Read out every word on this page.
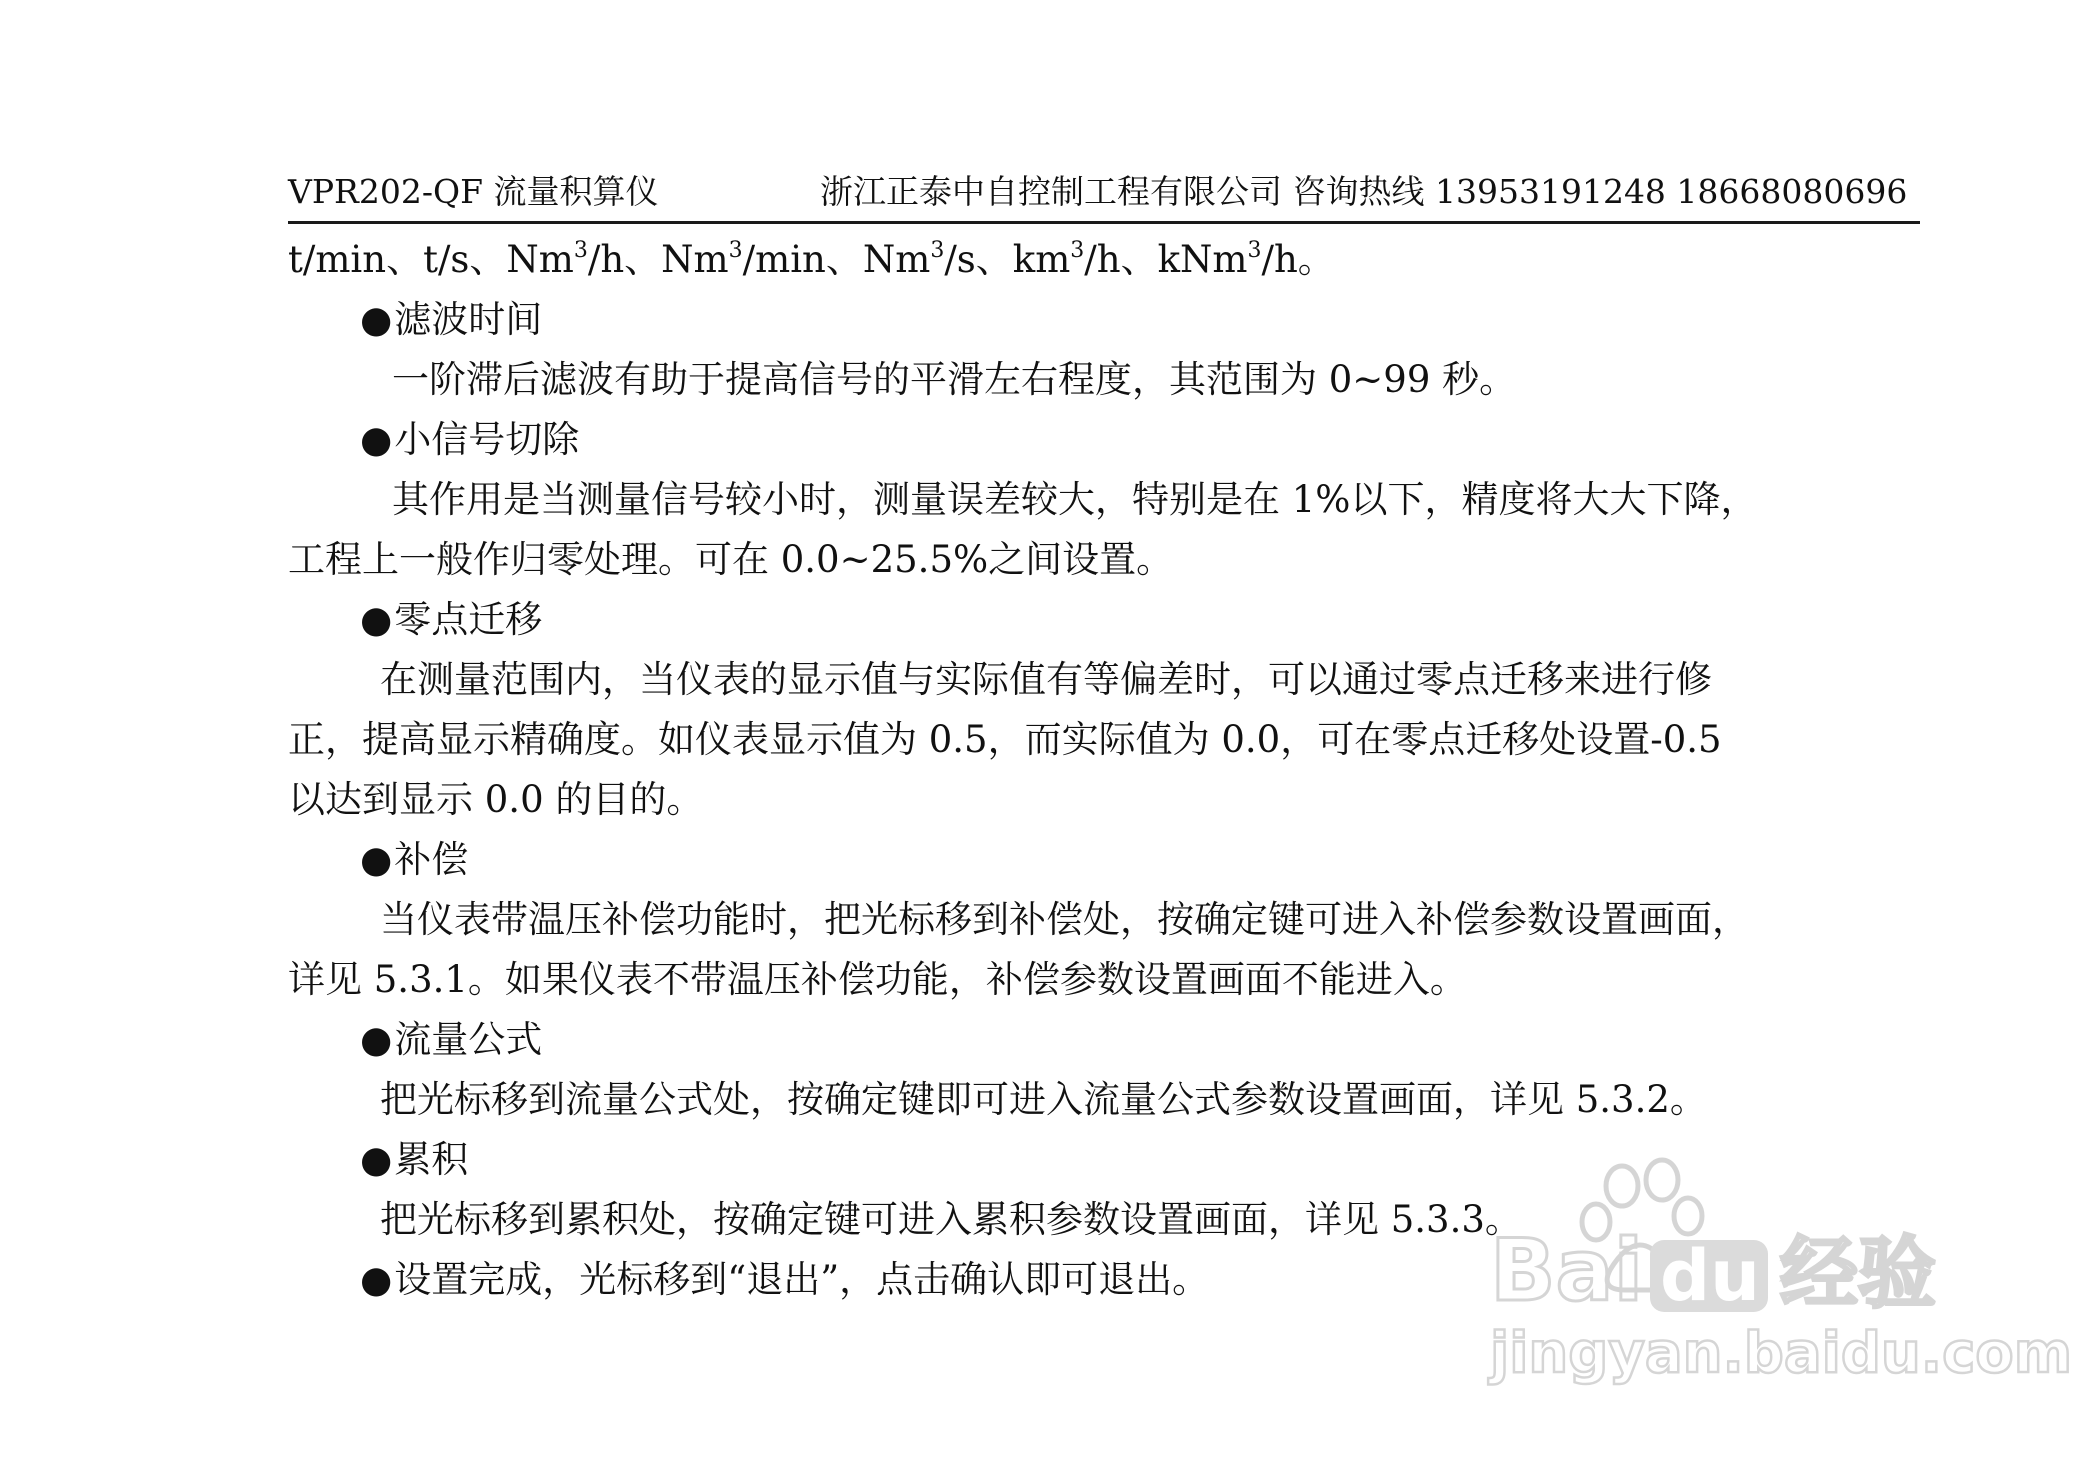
VPR202-QF 流量积算仪	浙江正泰中自控制工程有限公司 咨询热线 13953191248 18668080696
t/min、t/s、Nm$^3$/h、Nm$^3$/min、Nm$^3$/s、$km^3/h$、kNm$^3$/h。
●滤波时间
一阶滞后滤波有助于提高信号的平滑左右程度，其范围为 0~99 秒。
●小信号切除
其作用是当测量信号较小时，测量误差较大，特别是在 1%以下，精度将大大下降，
工程上一般作归零处理。可在 0.0~25.5%之间设置。
●零点迁移
在测量范围内，当仪表的显示值与实际值有等偏差时，可以通过零点迁移来进行修
正，提高显示精确度。如仪表显示值为 0.5，而实际值为 0.0，可在零点迁移处设置-0.5
以达到显示 0.0 的目的。
●补偿
当仪表带温压补偿功能时，把光标移到补偿处，按确定键可进入补偿参数设置画面，
详见 5.3.1。如果仪表不带温压补偿功能，补偿参数设置画面不能进入。
●流量公式
把光标移到流量公式处，按确定键即可进入流量公式参数设置画面，详见 5.3.2。
●累积
把光标移到累积处，按确定键可进入累积参数设置画面，详见 5.3.3。
●设置完成，光标移到“退出”，点击确认即可退出。	Bai du 经验
jingyan.baidu.com
